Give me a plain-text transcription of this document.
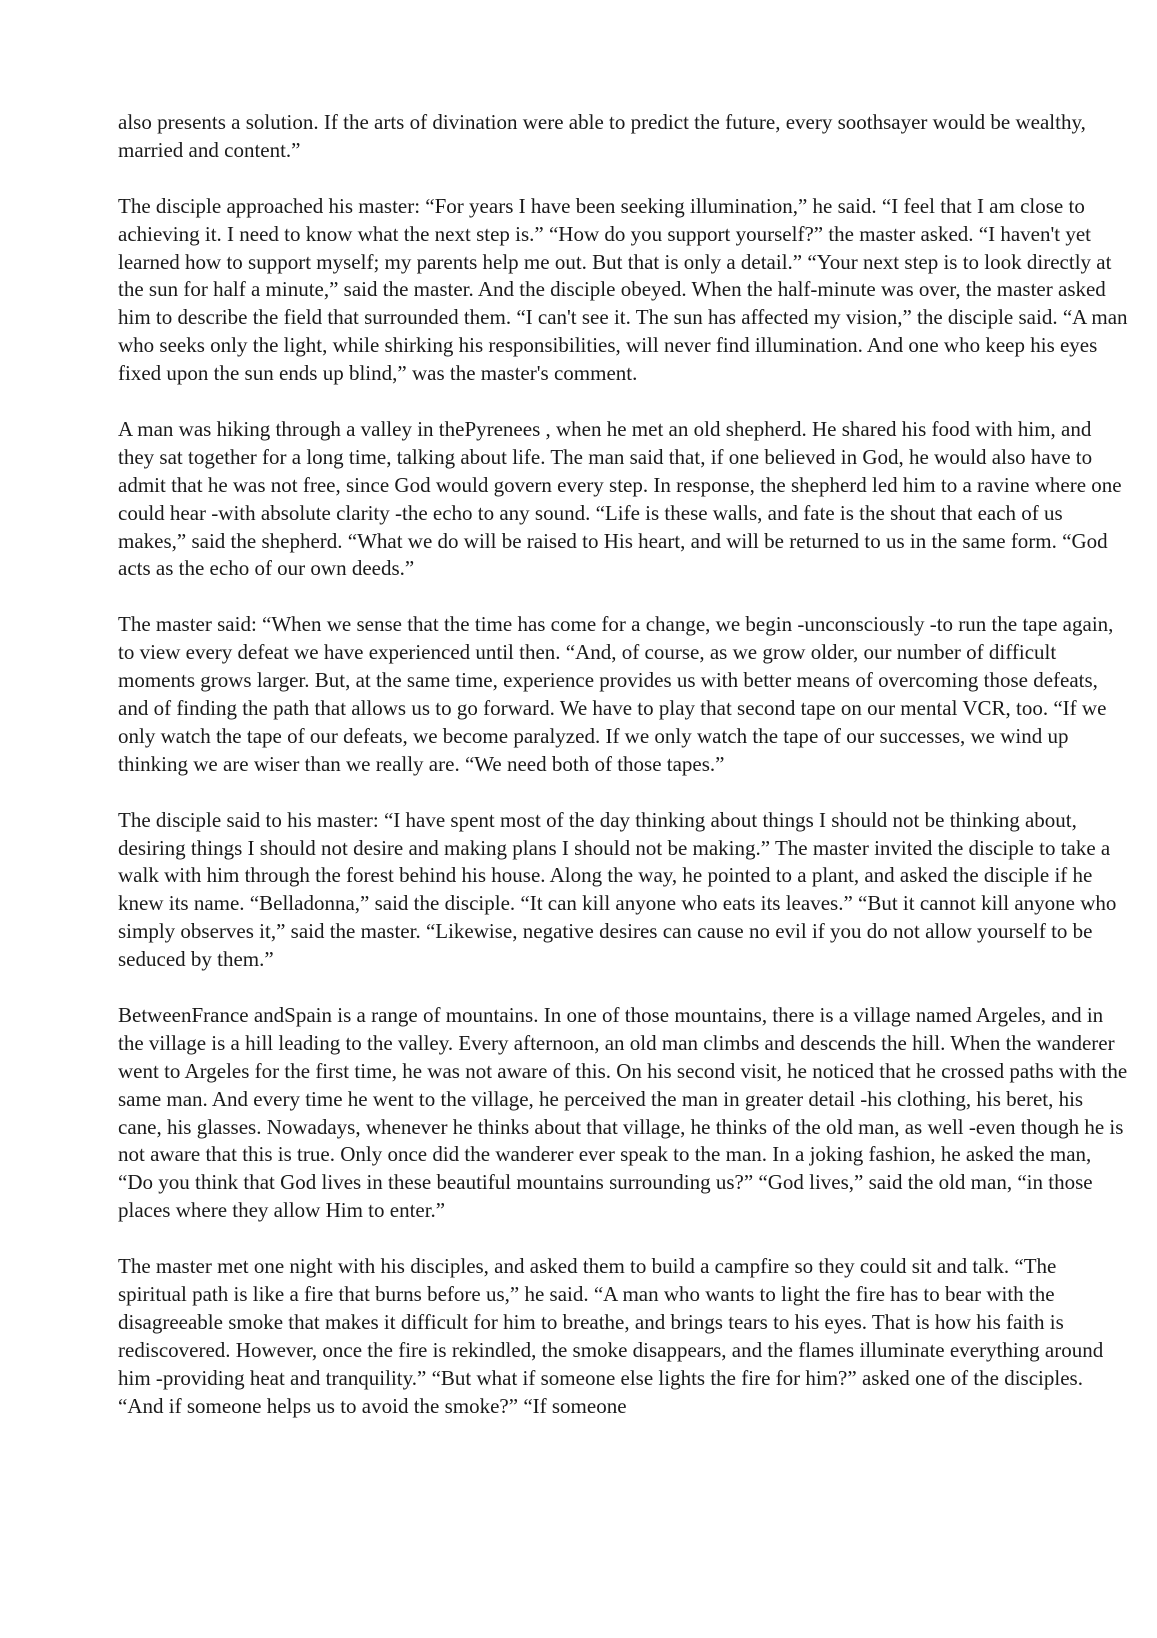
also presents a solution. If the arts of divination were able to predict the future, every soothsayer would be wealthy, married and content.”

The disciple approached his master: “For years I have been seeking illumination,” he said. “I feel that I am close to achieving it. I need to know what the next step is.” “How do you support yourself?” the master asked. “I haven't yet learned how to support myself; my parents help me out. But that is only a detail.” “Your next step is to look directly at the sun for half a minute,” said the master. And the disciple obeyed. When the half-minute was over, the master asked him to describe the field that surrounded them. “I can't see it. The sun has affected my vision,” the disciple said. “A man who seeks only the light, while shirking his responsibilities, will never find illumination. And one who keep his eyes fixed upon the sun ends up blind,” was the master's comment.

A man was hiking through a valley in thePyrenees , when he met an old shepherd. He shared his food with him, and they sat together for a long time, talking about life. The man said that, if one believed in God, he would also have to admit that he was not free, since God would govern every step. In response, the shepherd led him to a ravine where one could hear -with absolute clarity -the echo to any sound. “Life is these walls, and fate is the shout that each of us makes,” said the shepherd. “What we do will be raised to His heart, and will be returned to us in the same form. “God acts as the echo of our own deeds.”

The master said: “When we sense that the time has come for a change, we begin -unconsciously -to run the tape again, to view every defeat we have experienced until then. “And, of course, as we grow older, our number of difficult moments grows larger. But, at the same time, experience provides us with better means of overcoming those defeats, and of finding the path that allows us to go forward. We have to play that second tape on our mental VCR, too. “If we only watch the tape of our defeats, we become paralyzed. If we only watch the tape of our successes, we wind up thinking we are wiser than we really are. “We need both of those tapes.”

The disciple said to his master: “I have spent most of the day thinking about things I should not be thinking about, desiring things I should not desire and making plans I should not be making.” The master invited the disciple to take a walk with him through the forest behind his house. Along the way, he pointed to a plant, and asked the disciple if he knew its name. “Belladonna,” said the disciple. “It can kill anyone who eats its leaves.” “But it cannot kill anyone who simply observes it,” said the master. “Likewise, negative desires can cause no evil if you do not allow yourself to be seduced by them.”

BetweenFrance andSpain is a range of mountains. In one of those mountains, there is a village named Argeles, and in the village is a hill leading to the valley. Every afternoon, an old man climbs and descends the hill. When the wanderer went to Argeles for the first time, he was not aware of this. On his second visit, he noticed that he crossed paths with the same man. And every time he went to the village, he perceived the man in greater detail -his clothing, his beret, his cane, his glasses. Nowadays, whenever he thinks about that village, he thinks of the old man, as well -even though he is not aware that this is true. Only once did the wanderer ever speak to the man. In a joking fashion, he asked the man, “Do you think that God lives in these beautiful mountains surrounding us?” “God lives,” said the old man, “in those places where they allow Him to enter.”

The master met one night with his disciples, and asked them to build a campfire so they could sit and talk. “The spiritual path is like a fire that burns before us,” he said. “A man who wants to light the fire has to bear with the disagreeable smoke that makes it difficult for him to breathe, and brings tears to his eyes. That is how his faith is rediscovered. However, once the fire is rekindled, the smoke disappears, and the flames illuminate everything around him -providing heat and tranquility.” “But what if someone else lights the fire for him?” asked one of the disciples. “And if someone helps us to avoid the smoke?” “If someone
